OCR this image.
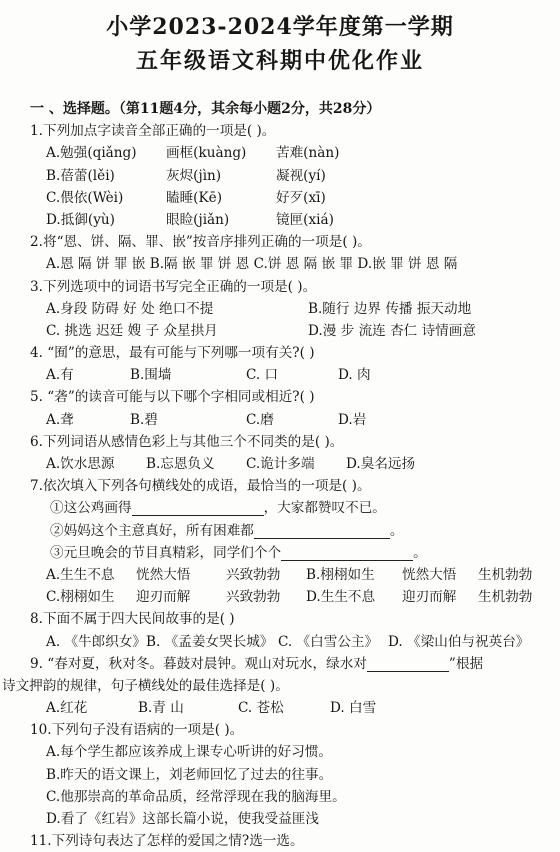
小学2023-2024学年度第一学期
五年级语文科期中优化作业
一 、选择题。（第11题4分，其余每小题2分，共28分）
1.下列加点字读音全部正确的一项是( )。
A.勉强(qiǎng)	画框(kuàng)	苦难(nàn)
B.蓓蕾(lěi)	灰烬(jìn)	凝视(yí)
C.偎依(Wèi)	瞌睡(Kē)	好歹(xī)
D.抵御(yù)	眼睑(jiǎn)	镜匣(xiá)
2.将“恩、饼、隔、罪、嵌”按音序排列正确的一项是( )。
A.恩 隔 饼 罪 嵌 B.隔 嵌 罪 饼 恩 C.饼 恩 隔 嵌 罪 D.嵌 罪 饼 恩 隔
3.下列选项中的词语书写完全正确的一项是( )。
A.身段 防碍 好 处 绝口不提	B.随行 边界 传播 振天动地
C. 挑选 迟廷 嫂 子 众星拱月	D.漫 步 流连 杏仁 诗情画意
4. “囿”的意思，最有可能与下列哪一项有关?( )
A.有	B.围墙	C. 口	D. 肉
5. “砻”的读音可能与以下哪个字相同或相近?( )
A.聋	B.碧	C.磨	D.岩
6.下列词语从感情色彩上与其他三个不同类的是( )。
A.饮水思源	B.忘恩负义	C.诡计多端	D.臭名远扬
7.依次填入下列各句横线处的成语，最恰当的一项是( )。
①这公鸡画得	，大家都赞叹不已。
②妈妈这个主意真好，所有困难都	。
③元旦晚会的节目真精彩，同学们个个	。
A.生生不息	恍然大悟	兴致勃勃	B.栩栩如生	恍然大悟	生机勃勃
C.栩栩如生	迎刃而解	兴致勃勃	D.生生不息	迎刃而解	生机勃勃
8.下面不属于四大民间故事的是( )
A. 《牛郎织女》 B. 《孟姜女哭长城》 C. 《白雪公主》 D. 《梁山伯与祝英台》
9. “春对夏，秋对冬。暮鼓对晨钟。观山对玩水，绿水对	”根据
诗文押韵的规律，句子横线处的最佳选择是( )。
A.红花	B.青 山	C. 苍松	D. 白雪
10.下列句子没有语病的一项是( )。
A.每个学生都应该养成上课专心听讲的好习惯。
B.昨天的语文课上，刘老师回忆了过去的往事。
C.他那崇高的革命品质，经常浮现在我的脑海里。
D.看了《红岩》这部长篇小说，使我受益匪浅
11.下列诗句表达了怎样的爱国之情?选一选。
